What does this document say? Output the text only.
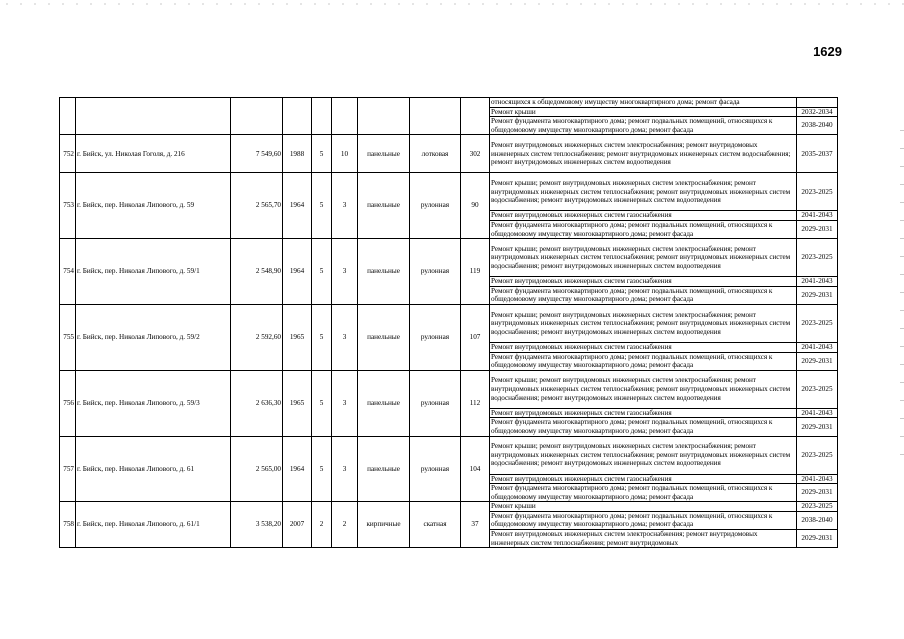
1629
									относящихся к общедомовому имуществу многоквартирного дома; ремонт фасада	
									Ремонт крыши	2032-2034
									Ремонт фундамента многоквартирного дома; ремонт подвальных помещений, относящихся к общедомовому имуществу многоквартирного дома; ремонт фасада	2038-2040
752	г. Бийск, ул. Николая Гоголя, д. 216	7 549,60	1988	5	10	панельные	лотковая	302	Ремонт внутридомовых инженерных систем электроснабжения; ремонт внутридомовых инженерных систем теплоснабжения; ремонт внутридомовых инженерных систем водоснабжения; ремонт внутридомовых инженерных систем водоотведения	2035-2037
753	г. Бийск, пер. Николая Липового, д. 59	2 565,70	1964	5	3	панельные	рулонная	90	Ремонт крыши; ремонт внутридомовых инженерных систем электроснабжения; ремонт внутридомовых инженерных систем теплоснабжения; ремонт внутридомовых инженерных систем водоснабжения; ремонт внутридомовых инженерных систем водоотведения	2023-2025
									Ремонт внутридомовых инженерных систем газоснабжения	2041-2043
									Ремонт фундамента многоквартирного дома; ремонт подвальных помещений, относящихся к общедомовому имуществу многоквартирного дома; ремонт фасада	2029-2031
754	г. Бийск, пер. Николая Липового, д. 59/1	2 548,90	1964	5	3	панельные	рулонная	119	Ремонт крыши; ремонт внутридомовых инженерных систем электроснабжения; ремонт внутридомовых инженерных систем теплоснабжения; ремонт внутридомовых инженерных систем водоснабжения; ремонт внутридомовых инженерных систем водоотведения	2023-2025
									Ремонт внутридомовых инженерных систем газоснабжения	2041-2043
									Ремонт фундамента многоквартирного дома; ремонт подвальных помещений, относящихся к общедомовому имуществу многоквартирного дома; ремонт фасада	2029-2031
755	г. Бийск, пер. Николая Липового, д. 59/2	2 592,60	1965	5	3	панельные	рулонная	107	Ремонт крыши; ремонт внутридомовых инженерных систем электроснабжения; ремонт внутридомовых инженерных систем теплоснабжения; ремонт внутридомовых инженерных систем водоснабжения; ремонт внутридомовых инженерных систем водоотведения	2023-2025
									Ремонт внутридомовых инженерных систем газоснабжения	2041-2043
									Ремонт фундамента многоквартирного дома; ремонт подвальных помещений, относящихся к общедомовому имуществу многоквартирного дома; ремонт фасада	2029-2031
756	г. Бийск, пер. Николая Липового, д. 59/3	2 636,30	1965	5	3	панельные	рулонная	112	Ремонт крыши; ремонт внутридомовых инженерных систем электроснабжения; ремонт внутридомовых инженерных систем теплоснабжения; ремонт внутридомовых инженерных систем водоснабжения; ремонт внутридомовых инженерных систем водоотведения	2023-2025
									Ремонт внутридомовых инженерных систем газоснабжения	2041-2043
									Ремонт фундамента многоквартирного дома; ремонт подвальных помещений, относящихся к общедомовому имуществу многоквартирного дома; ремонт фасада	2029-2031
757	г. Бийск, пер. Николая Липового, д. 61	2 565,00	1964	5	3	панельные	рулонная	104	Ремонт крыши; ремонт внутридомовых инженерных систем электроснабжения; ремонт внутридомовых инженерных систем теплоснабжения; ремонт внутридомовых инженерных систем водоснабжения; ремонт внутридомовых инженерных систем водоотведения	2023-2025
									Ремонт внутридомовых инженерных систем газоснабжения	2041-2043
									Ремонт фундамента многоквартирного дома; ремонт подвальных помещений, относящихся к общедомовому имуществу многоквартирного дома; ремонт фасада	2029-2031
758	г. Бийск, пер. Николая Липового, д. 61/1	3 538,20	2007	2	2	кирпичные	скатная	37	Ремонт крыши	2023-2025
									Ремонт фундамента многоквартирного дома; ремонт подвальных помещений, относящихся к общедомовому имуществу многоквартирного дома; ремонт фасада	2038-2040
									Ремонт внутридомовых инженерных систем электроснабжения; ремонт внутридомовых инженерных систем теплоснабжения; ремонт внутридомовых	2029-2031
